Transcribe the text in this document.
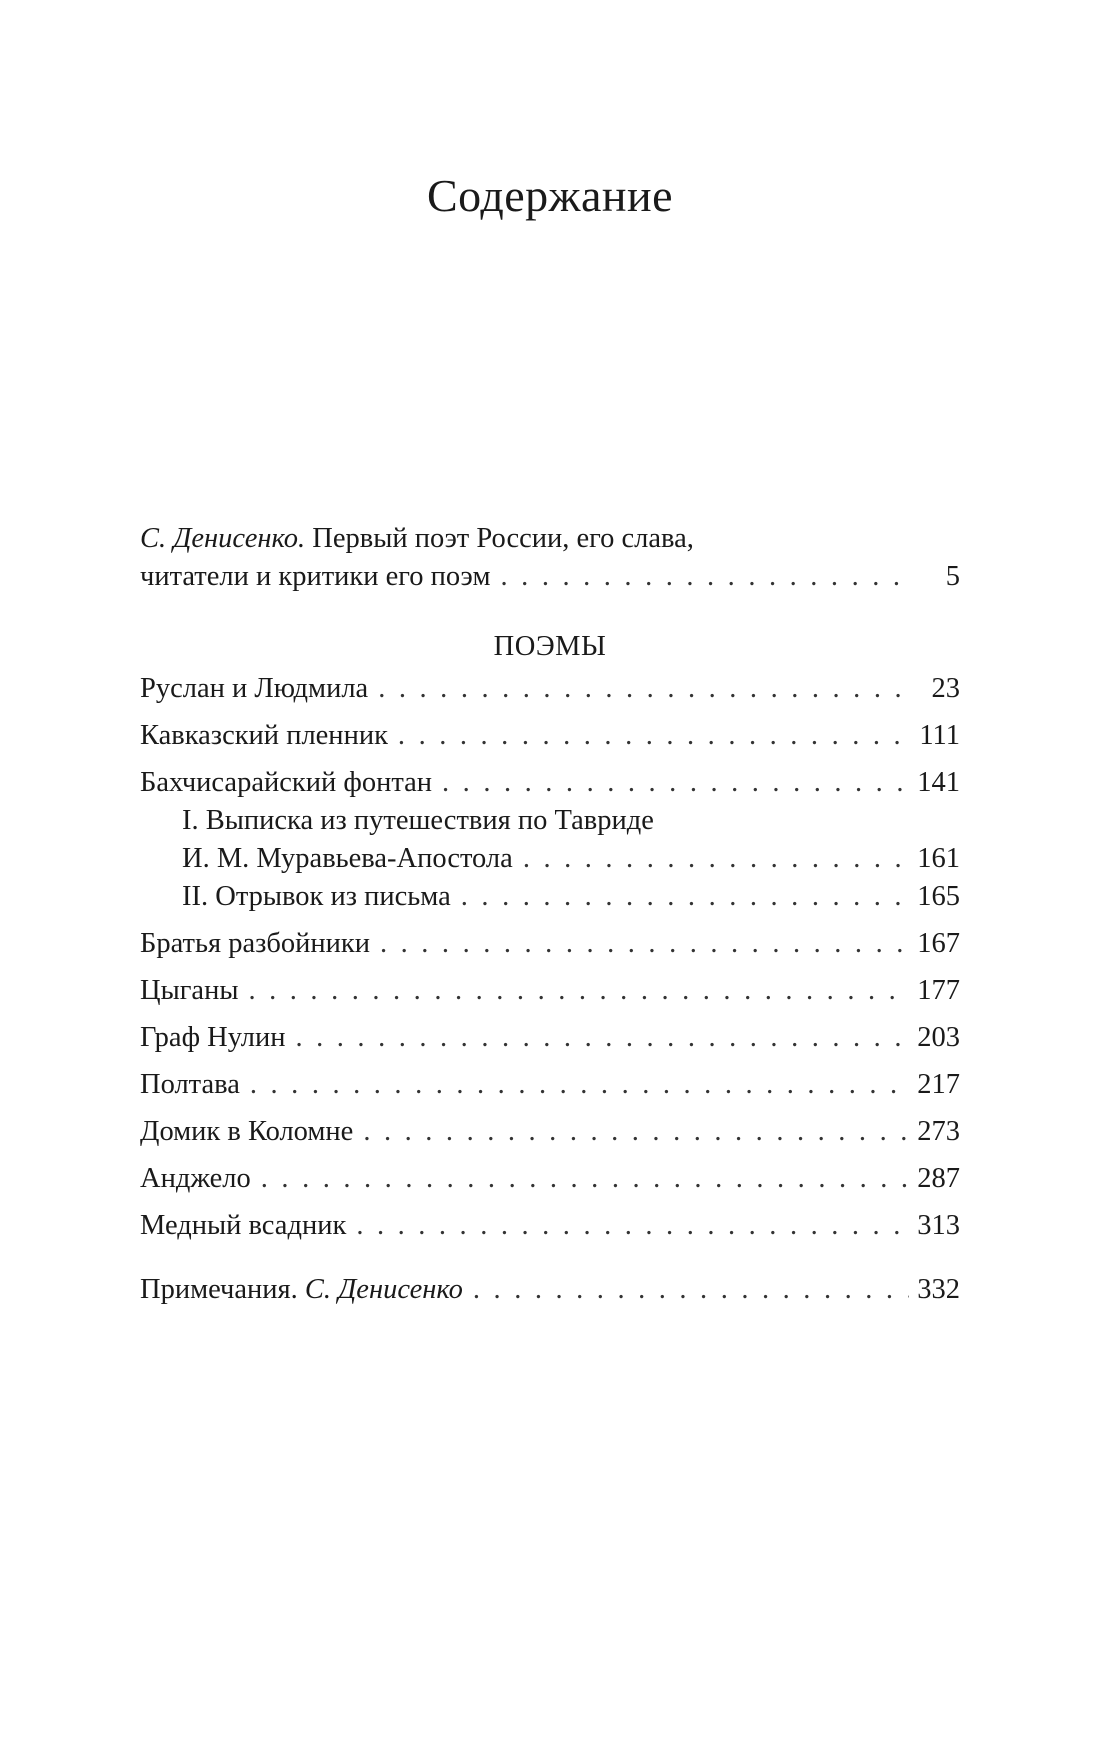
Содержание
С. Денисенко. Первый поэт России, его слава,
читатели и критики его поэм . . .	5
ПОЭМЫ
Руслан и Людмила . . .	23
Кавказский пленник . . .	111
Бахчисарайский фонтан . . .	141
I. Выписка из путешествия по Тавриде
И. М. Муравьева-Апостола . . .	161
II. Отрывок из письма . . .	165
Братья разбойники . . .	167
Цыганы . . .	177
Граф Нулин . . .	203
Полтава . . .	217
Домик в Коломне . . .	273
Анджело . . .	287
Медный всадник . . .	313
Примечания. С. Денисенко . . .	332
